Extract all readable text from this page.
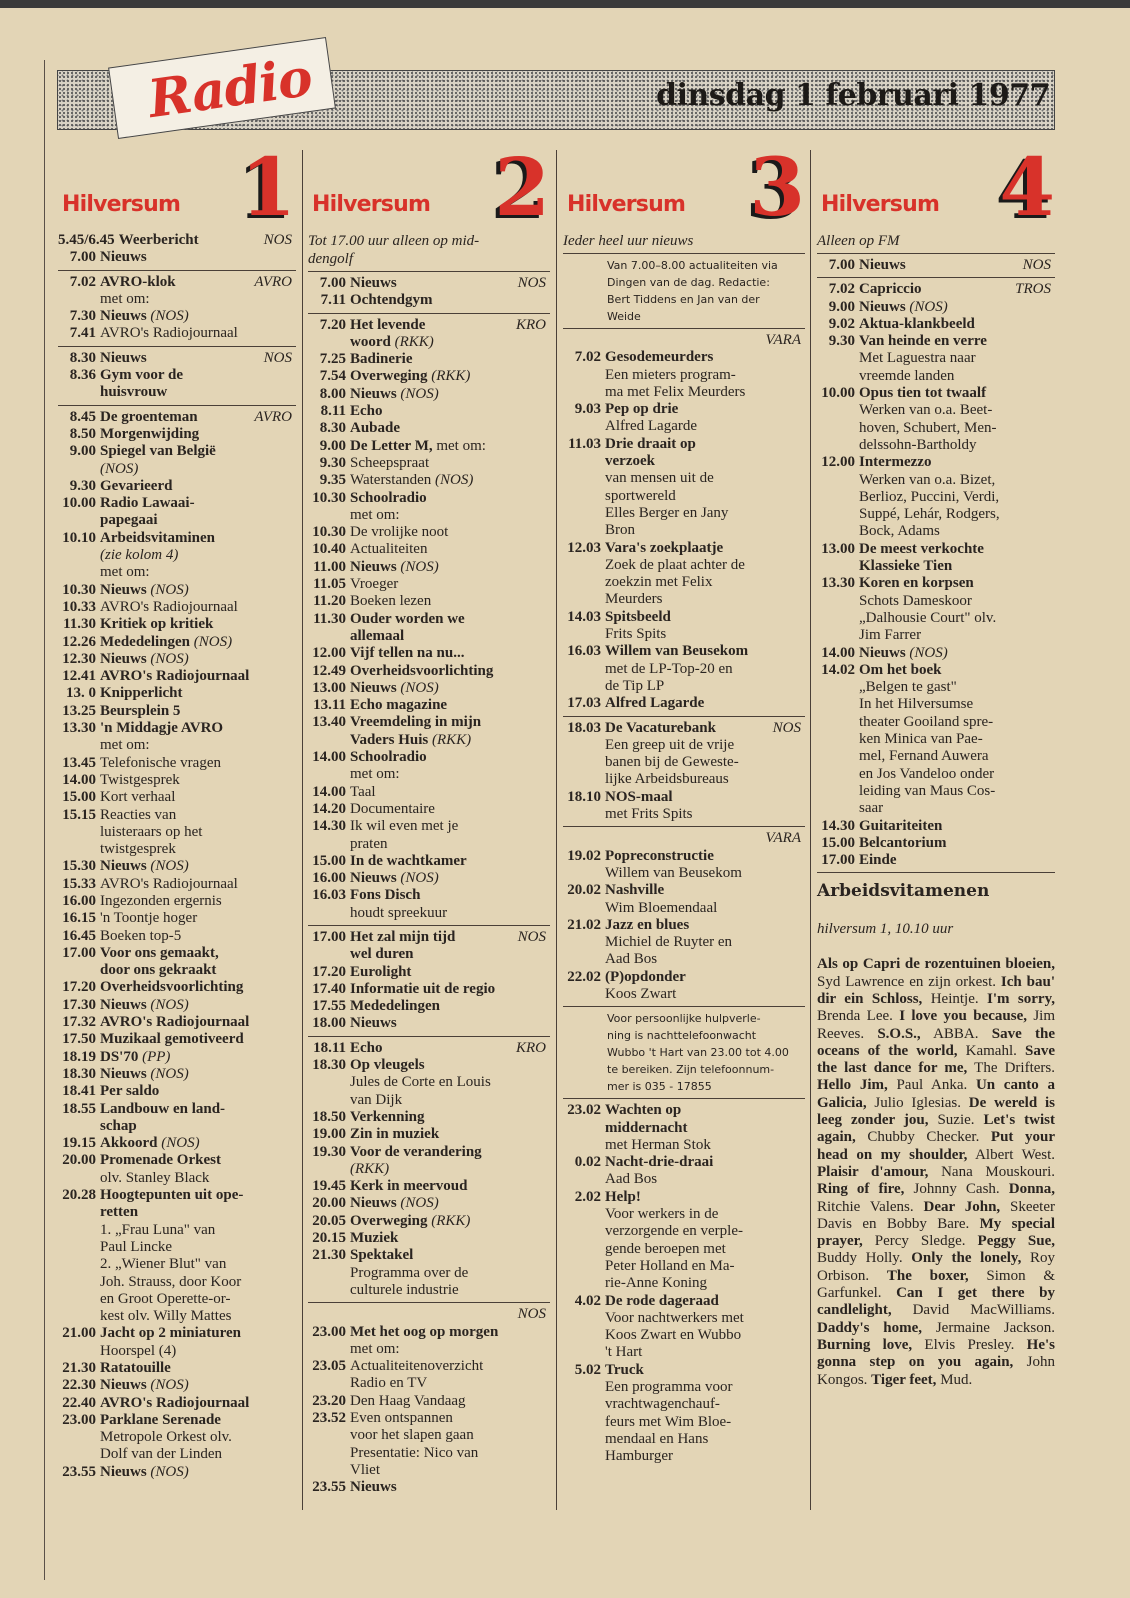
Radio	dinsdag 1 februari 1977
Hilversum 1
5.45/6.45 Weerbericht	NOS
7.00 Nieuws
7.02 AVRO-klok	AVRO
met om:
7.30 Nieuws (NOS)
7.41 AVRO's Radiojournaal
8.30 Nieuws	NOS
8.36 Gym voor de
huisvrouw
8.45 De groenteman	AVRO
8.50 Morgenwijding
9.00 Spiegel van België
(NOS)
9.30 Gevarieerd
10.00 Radio Lawaai-
papegaai
10.10 Arbeidsvitaminen
(zie kolom 4)
met om:
10.30 Nieuws (NOS)
10.33 AVRO's Radiojournaal
11.30 Kritiek op kritiek
12.26 Mededelingen (NOS)
12.30 Nieuws (NOS)
12.41 AVRO's Radiojournaal
13. 0 Knipperlicht
13.25 Beursplein 5
13.30 'n Middagje AVRO
met om:
13.45 Telefonische vragen
14.00 Twistgesprek
15.00 Kort verhaal
15.15 Reacties van
luisteraars op het
twistgesprek
15.30 Nieuws (NOS)
15.33 AVRO's Radiojournaal
16.00 Ingezonden ergernis
16.15 'n Toontje hoger
16.45 Boeken top-5
17.00 Voor ons gemaakt,
door ons gekraakt
17.20 Overheidsvoorlichting
17.30 Nieuws (NOS)
17.32 AVRO's Radiojournaal
17.50 Muzikaal gemotiveerd
18.19 DS'70 (PP)
18.30 Nieuws (NOS)
18.41 Per saldo
18.55 Landbouw en land-
schap
19.15 Akkoord (NOS)
20.00 Promenade Orkest
olv. Stanley Black
20.28 Hoogtepunten uit ope-
retten
1. „Frau Luna" van
Paul Lincke
2. „Wiener Blut" van
Joh. Strauss, door Koor
en Groot Operette-or-
kest olv. Willy Mattes
21.00 Jacht op 2 miniaturen
Hoorspel (4)
21.30 Ratatouille
22.30 Nieuws (NOS)
22.40 AVRO's Radiojournaal
23.00 Parklane Serenade
Metropole Orkest olv.
Dolf van der Linden
23.55 Nieuws (NOS)
Hilversum 2
Tot 17.00 uur alleen op mid-
dengolf
7.00 Nieuws	NOS
7.11 Ochtendgym
7.20 Het levende	KRO
woord (RKK)
7.25 Badinerie
7.54 Overweging (RKK)
8.00 Nieuws (NOS)
8.11 Echo
8.30 Aubade
9.00 De Letter M, met om:
9.30 Scheepspraat
9.35 Waterstanden (NOS)
10.30 Schoolradio
met om:
10.30 De vrolijke noot
10.40 Actualiteiten
11.00 Nieuws (NOS)
11.05 Vroeger
11.20 Boeken lezen
11.30 Ouder worden we
allemaal
12.00 Vijf tellen na nu...
12.49 Overheidsvoorlichting
13.00 Nieuws (NOS)
13.11 Echo magazine
13.40 Vreemdeling in mijn
Vaders Huis (RKK)
14.00 Schoolradio
met om:
14.00 Taal
14.20 Documentaire
14.30 Ik wil even met je
praten
15.00 In de wachtkamer
16.00 Nieuws (NOS)
16.03 Fons Disch
houdt spreekuur
17.00 Het zal mijn tijd	NOS
wel duren
17.20 Eurolight
17.40 Informatie uit de regio
17.55 Mededelingen
18.00 Nieuws
18.11 Echo	KRO
18.30 Op vleugels
Jules de Corte en Louis
van Dijk
18.50 Verkenning
19.00 Zin in muziek
19.30 Voor de verandering
(RKK)
19.45 Kerk in meervoud
20.00 Nieuws (NOS)
20.05 Overweging (RKK)
20.15 Muziek
21.30 Spektakel
Programma over de
culturele industrie
NOS
23.00 Met het oog op morgen
met om:
23.05 Actualiteitenoverzicht
Radio en TV
23.20 Den Haag Vandaag
23.52 Even ontspannen
voor het slapen gaan
Presentatie: Nico van
Vliet
23.55 Nieuws
Hilversum 3
Ieder heel uur nieuws
Van 7.00–8.00 actualiteiten via
Dingen van de dag. Redactie:
Bert Tiddens en Jan van der
Weide
VARA
7.02 Gesodemeurders
Een mieters program-
ma met Felix Meurders
9.03 Pep op drie
Alfred Lagarde
11.03 Drie draait op
verzoek
van mensen uit de
sportwereld
Elles Berger en Jany
Bron
12.03 Vara's zoekplaatje
Zoek de plaat achter de
zoekzin met Felix
Meurders
14.03 Spitsbeeld
Frits Spits
16.03 Willem van Beusekom
met de LP-Top-20 en
de Tip LP
17.03 Alfred Lagarde
18.03 De Vacaturebank	NOS
Een greep uit de vrije
banen bij de Geweste-
lijke Arbeidsbureaus
18.10 NOS-maal
met Frits Spits
VARA
19.02 Popreconstructie
Willem van Beusekom
20.02 Nashville
Wim Bloemendaal
21.02 Jazz en blues
Michiel de Ruyter en
Aad Bos
22.02 (P)opdonder
Koos Zwart
Voor persoonlijke hulpverle-
ning is nachttelefoonwacht
Wubbo 't Hart van 23.00 tot 4.00
te bereiken. Zijn telefoonnum-
mer is 035 - 17855
23.02 Wachten op
middernacht
met Herman Stok
0.02 Nacht-drie-draai
Aad Bos
2.02 Help!
Voor werkers in de
verzorgende en verple-
gende beroepen met
Peter Holland en Ma-
rie-Anne Koning
4.02 De rode dageraad
Voor nachtwerkers met
Koos Zwart en Wubbo
't Hart
5.02 Truck
Een programma voor
vrachtwagenchauf-
feurs met Wim Bloe-
mendaal en Hans
Hamburger
Hilversum 4
Alleen op FM
7.00 Nieuws	NOS
7.02 Capriccio	TROS
9.00 Nieuws (NOS)
9.02 Aktua-klankbeeld
9.30 Van heinde en verre
Met Laguestra naar
vreemde landen
10.00 Opus tien tot twaalf
Werken van o.a. Beet-
hoven, Schubert, Men-
delssohn-Bartholdy
12.00 Intermezzo
Werken van o.a. Bizet,
Berlioz, Puccini, Verdi,
Suppé, Lehár, Rodgers,
Bock, Adams
13.00 De meest verkochte
Klassieke Tien
13.30 Koren en korpsen
Schots Dameskoor
„Dalhousie Court" olv.
Jim Farrer
14.00 Nieuws (NOS)
14.02 Om het boek
„Belgen te gast"
In het Hilversumse
theater Gooiland spre-
ken Minica van Pae-
mel, Fernand Auwera
en Jos Vandeloo onder
leiding van Maus Cos-
saar
14.30 Guitariteiten
15.00 Belcantorium
17.00 Einde
Arbeidsvitamenen
hilversum 1, 10.10 uur
Als op Capri de rozentuinen bloeien, Syd Lawrence en zijn orkest. Ich bau' dir ein Schloss, Heintje. I'm sorry, Brenda Lee. I love you because, Jim Reeves. S.O.S., ABBA. Save the oceans of the world, Kamahl. Save the last dance for me, The Drifters. Hello Jim, Paul Anka. Un canto a Galicia, Julio Iglesias. De wereld is leeg zonder jou, Suzie. Let's twist again, Chubby Checker. Put your head on my shoulder, Albert West. Plaisir d'amour, Nana Mouskouri. Ring of fire, Johnny Cash. Donna, Ritchie Valens. Dear John, Skeeter Davis en Bobby Bare. My special prayer, Percy Sledge. Peggy Sue, Buddy Holly. Only the lonely, Roy Orbison. The boxer, Simon & Garfunkel. Can I get there by candlelight, David MacWilliams. Daddy's home, Jermaine Jackson. Burning love, Elvis Presley. He's gonna step on you again, John Kongos. Tiger feet, Mud.
